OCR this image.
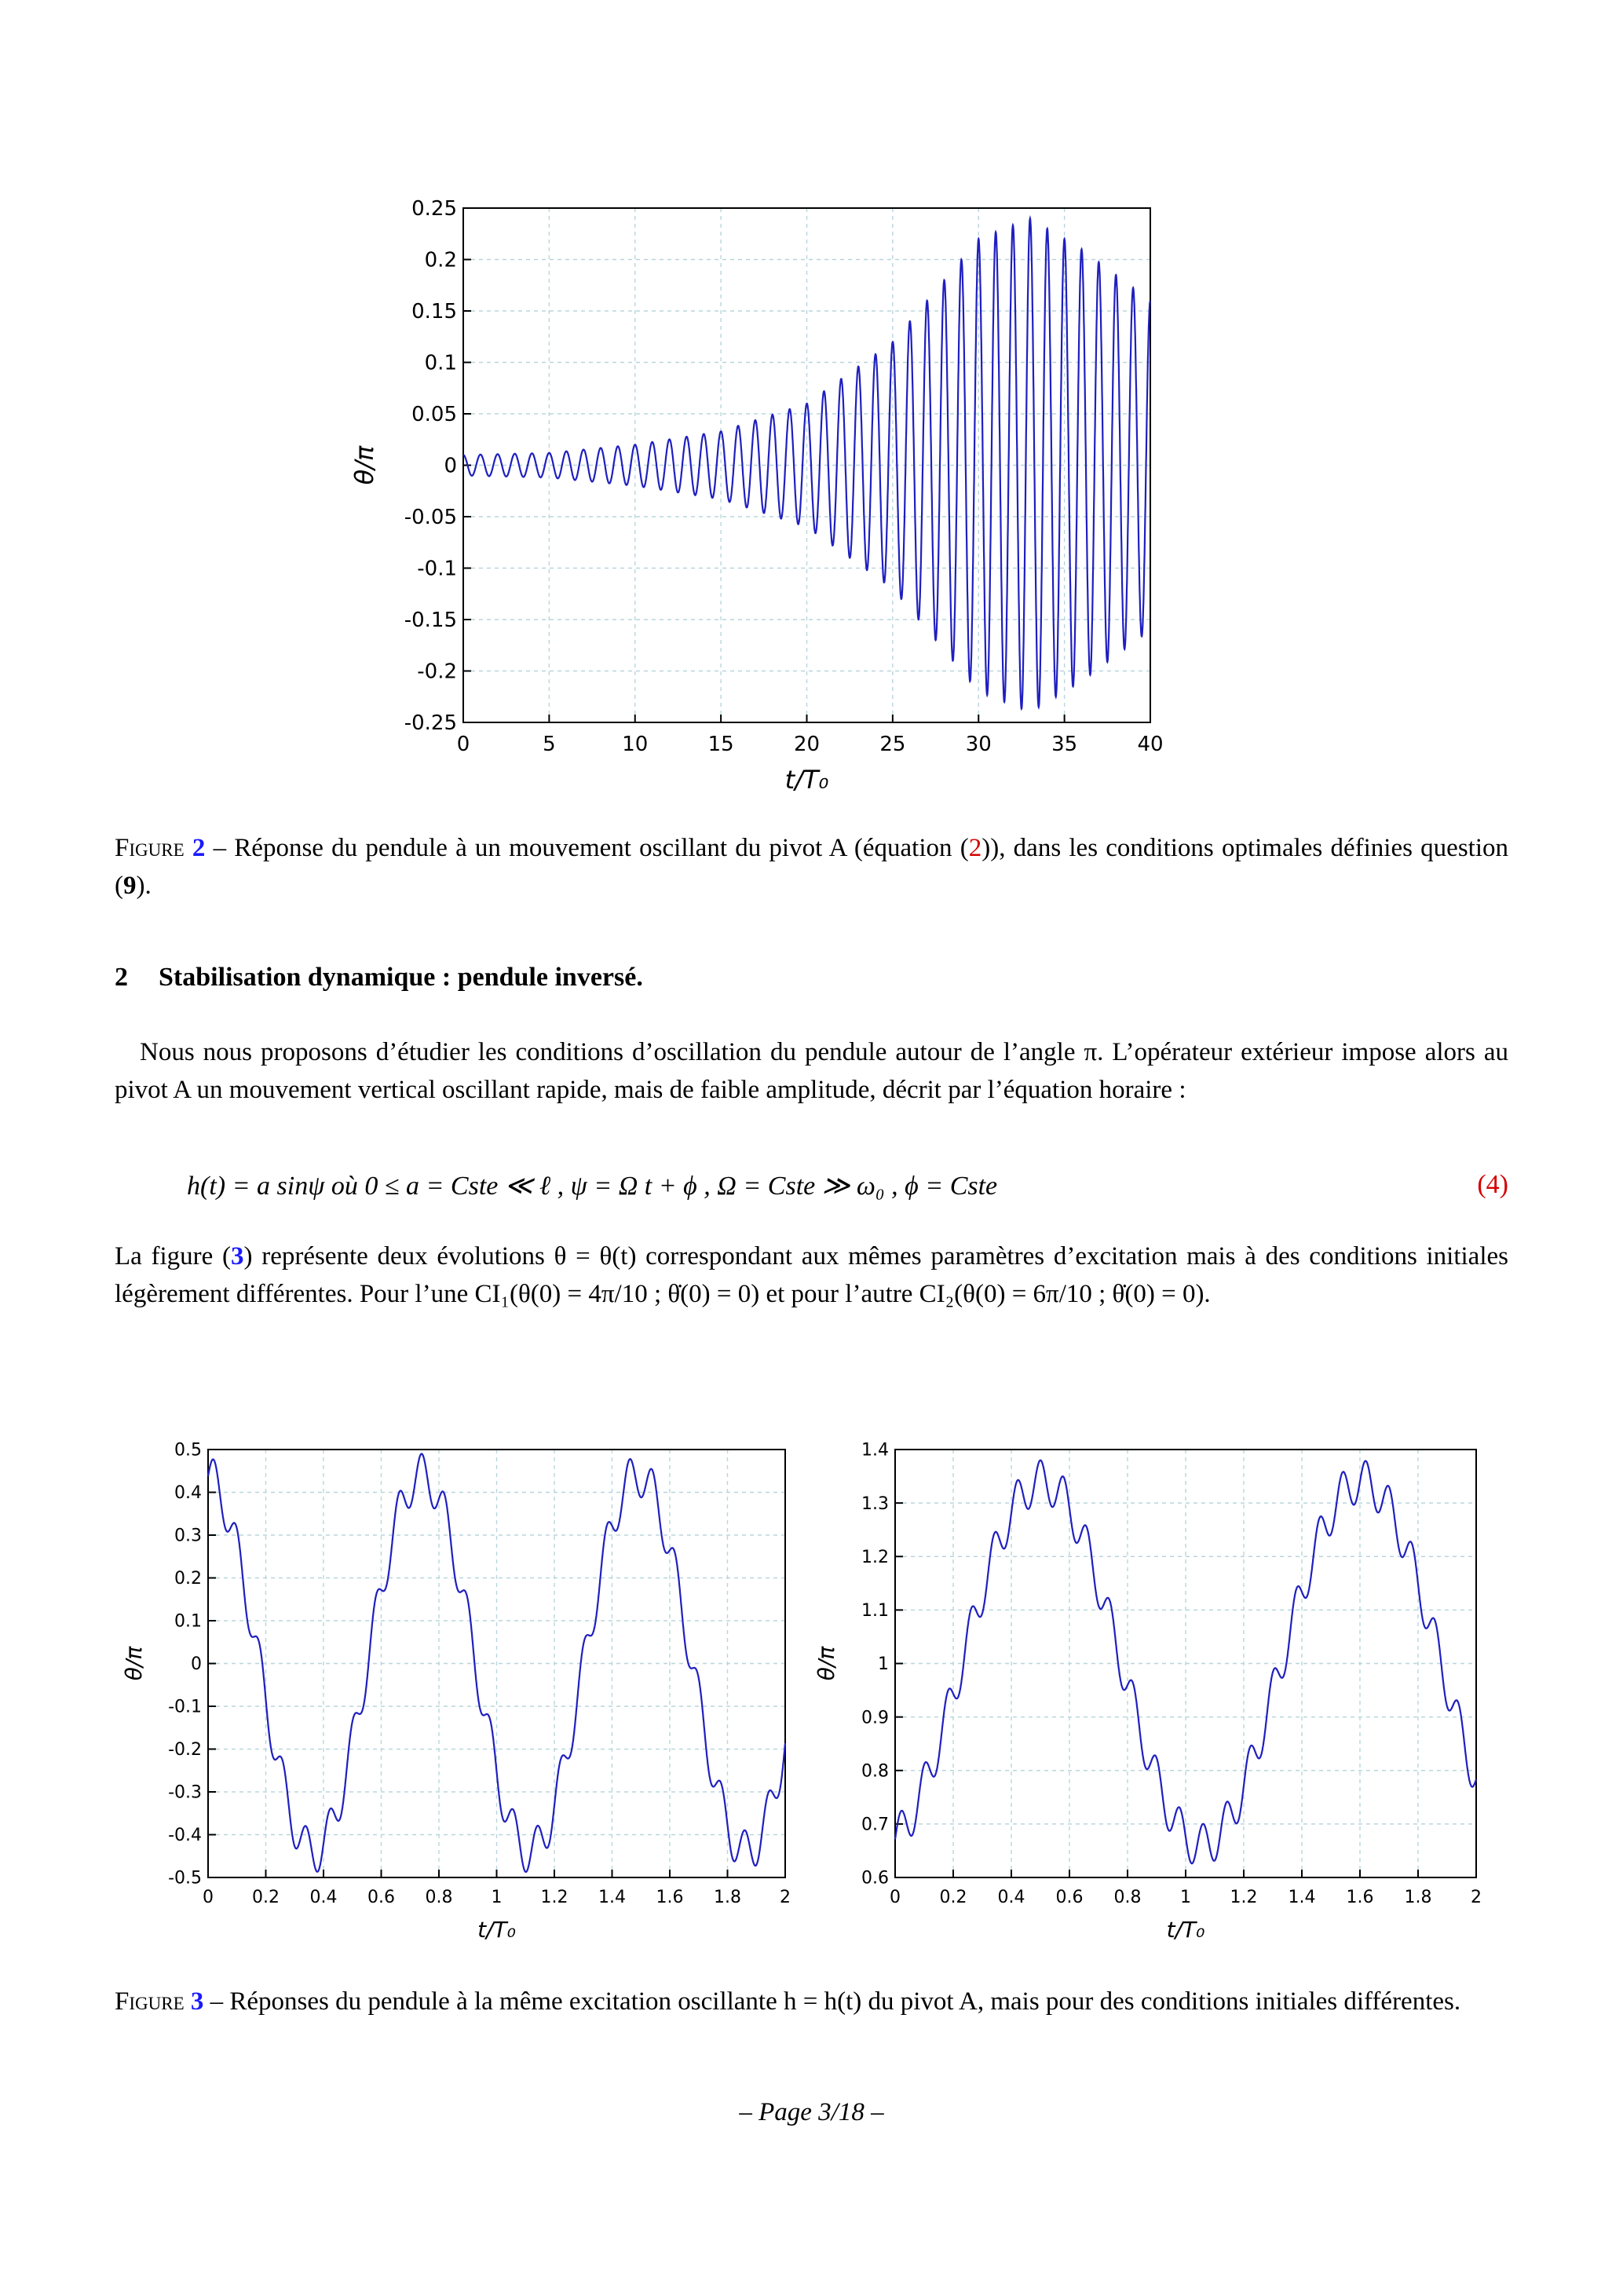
0	5	10	15	20	25	30	35	40
0.25
0.2
0.15
0.1
0.05
0
-0.05
-0.1
-0.15
-0.2
-0.25
t/T₀
θ/π
Figure 2 – Réponse du pendule à un mouvement oscillant du pivot A (équation (2)), dans les conditions optimales définies question (9).
2 Stabilisation dynamique : pendule inversé.
Nous nous proposons d’étudier les conditions d’oscillation du pendule autour de l’angle π. L’opérateur extérieur impose alors au pivot A un mouvement vertical oscillant rapide, mais de faible amplitude, décrit par l’équation horaire :
h(t) = a sinψ où 0 ≤ a = Cste ≪ ℓ , ψ = Ω t + ϕ , Ω = Cste ≫ ω₀ , ϕ = Cste	(4)
La figure (3) représente deux évolutions θ = θ(t) correspondant aux mêmes paramètres d’excitation mais à des conditions initiales légèrement différentes. Pour l’une CI₁(θ(0) = 4π/10 ; θ̇(0) = 0) et pour l’autre CI₂(θ(0) = 6π/10 ; θ̇(0) = 0).
0 0.2 0.4 0.6 0.8 1 1.2 1.4 1.6 1.8 2
0.5
0.4
0.3
0.2
0.1
0
-0.1
-0.2
-0.3
-0.4
-0.5
t/T₀
θ/π
0 0.2 0.4 0.6 0.8 1 1.2 1.4 1.6 1.8 2
1.4
1.3
1.2
1.1
1
0.9
0.8
0.7
0.6
t/T₀
θ/π
Figure 3 – Réponses du pendule à la même excitation oscillante h = h(t) du pivot A, mais pour des conditions initiales différentes.
– Page 3/18 –
